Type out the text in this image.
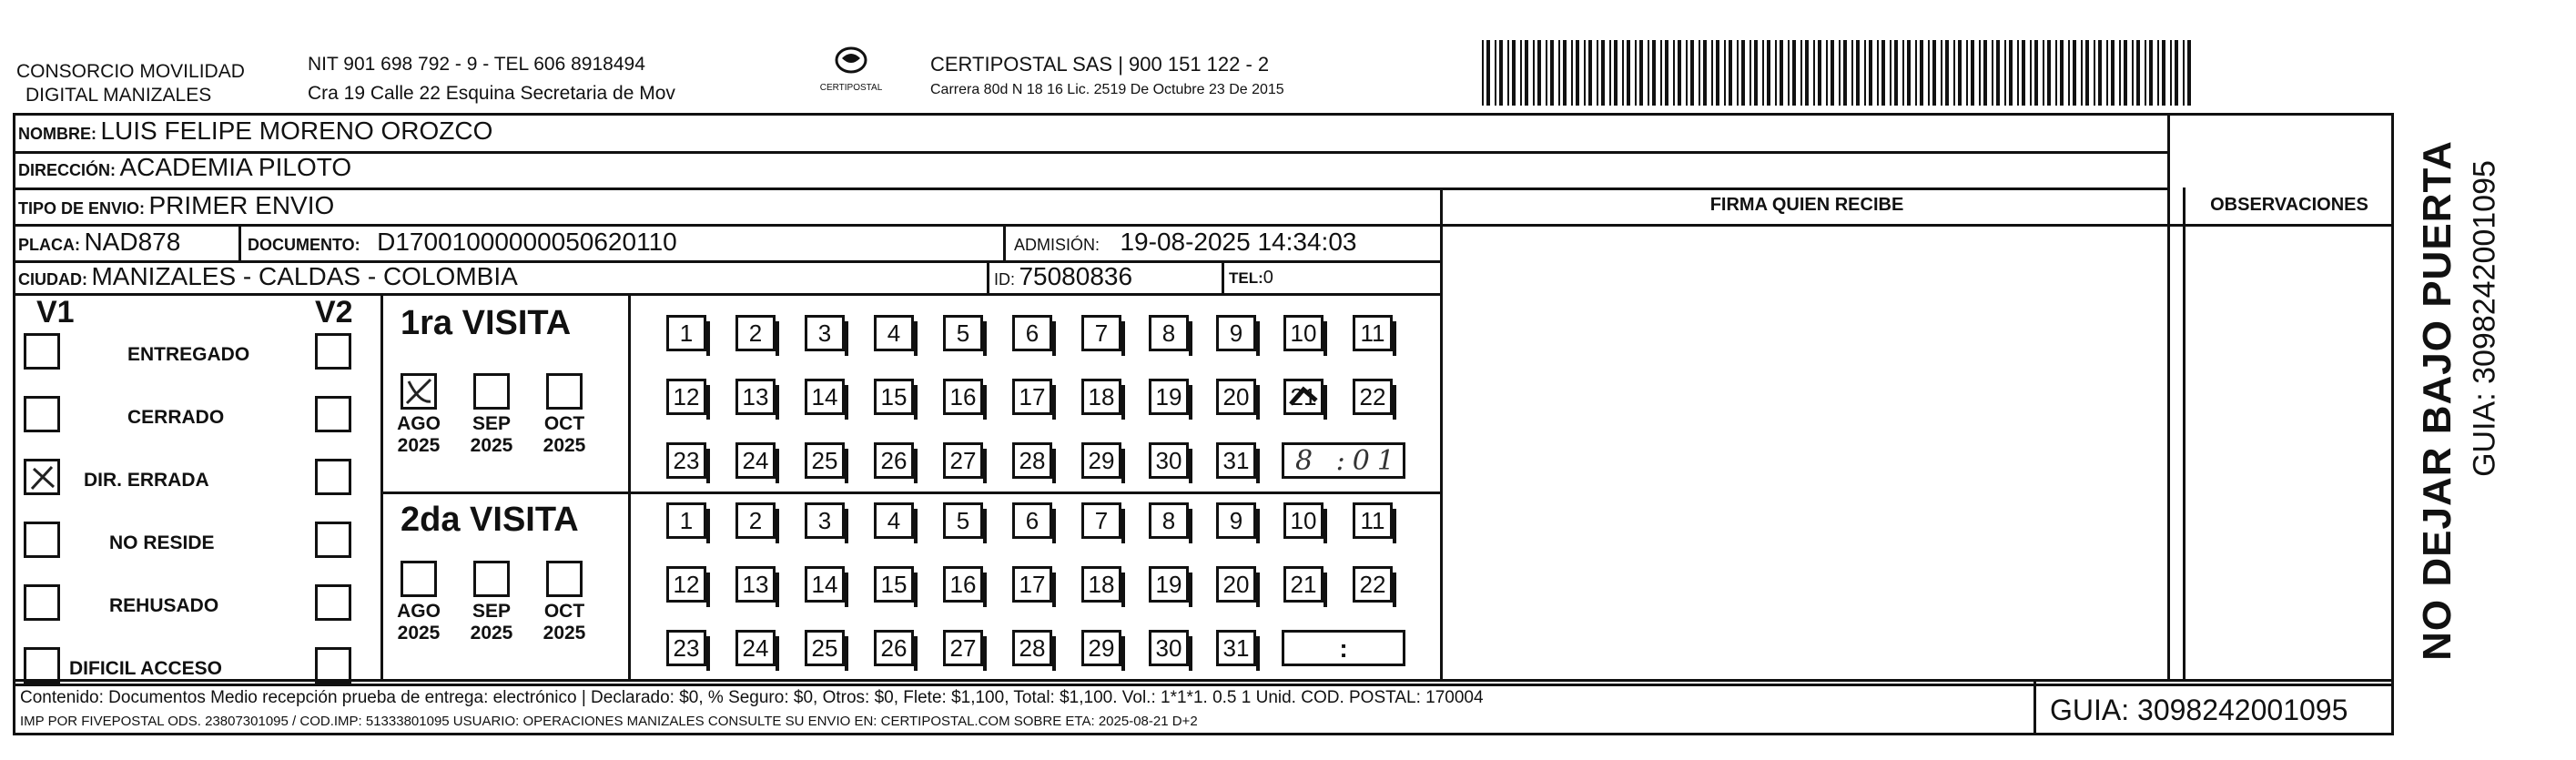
CONSORCIO MOVILIDAD
DIGITAL MANIZALES
NIT 901 698 792 - 9 - TEL 606 8918494
Cra 19 Calle 22 Esquina Secretaria de Mov	CERTIPOSTAL
CERTIPOSTAL SAS | 900 151 122 - 2
Carrera 80d N 18 16 Lic. 2519 De Octubre 23 De 2015
NOMBRE: LUIS FELIPE MORENO OROZCO
DIRECCIÓN: ACADEMIA PILOTO
TIPO DE ENVIO: PRIMER ENVIO	FIRMA QUIEN RECIBE	OBSERVACIONES
PLACA: NAD878	DOCUMENTO: D17001000000050620110	ADMISIÓN: 19-08-2025 14:34:03
CIUDAD: MANIZALES - CALDAS - COLOMBIA	ID: 75080836	TEL:0
V1	V2
ENTREGADO
CERRADO
DIR. ERRADA
NO RESIDE
REHUSADO
DIFICIL ACCESO
1ra VISITA
2da VISITA
AGO
2025
SEP
2025
OCT
2025
AGO
2025
SEP
2025
OCT
2025
1	2	3	4	5	6	7	8	9	10	11
12 13 14 15 16 17 18 19 20 21 22
23 24 25 26 27 28 29 30 31
1	2	3	4	5	6	7	8	9	10	11
12 13 14 15 16 17 18 19 20 21 22
23 24 25 26 27 28 29 30 31
8 :01
:
Contenido: Documentos Medio recepción prueba de entrega: electrónico | Declarado: $0, % Seguro: $0, Otros: $0, Flete: $1,100, Total: $1,100. Vol.: 1*1*1. 0.5 1 Unid. COD. POSTAL: 170004
IMP POR FIVEPOSTAL ODS. 23807301095 / COD.IMP: 51333801095 USUARIO: OPERACIONES MANIZALES CONSULTE SU ENVIO EN: CERTIPOSTAL.COM SOBRE ETA: 2025-08-21 D+2	GUIA: 3098242001095
NO DEJAR BAJO PUERTA GUIA: 3098242001095
